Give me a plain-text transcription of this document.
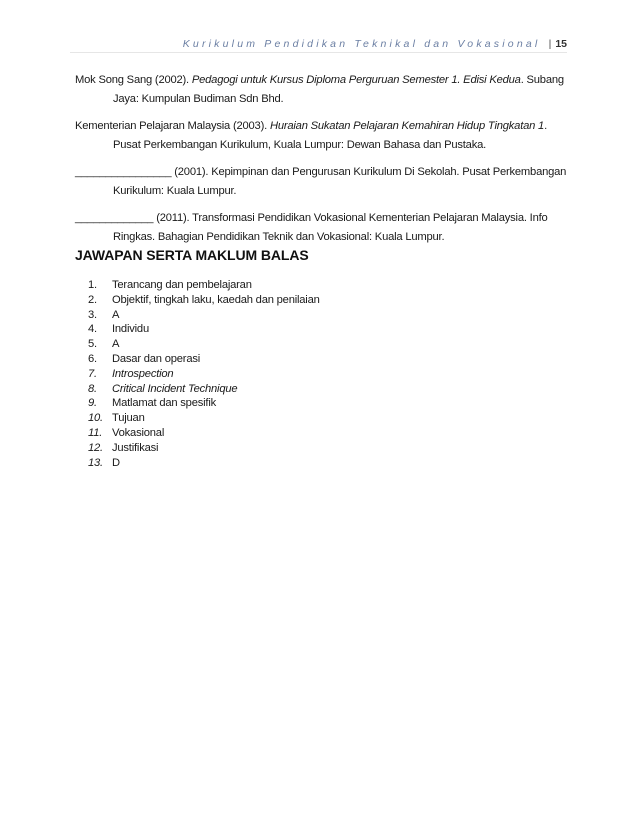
Kurikulum Pendidikan Teknikal dan Vokasional | 15

Mok Song Sang (2002). Pedagogi untuk Kursus Diploma Perguruan Semester 1. Edisi Kedua. Subang Jaya: Kumpulan Budiman Sdn Bhd.

Kementerian Pelajaran Malaysia (2003). Huraian Sukatan Pelajaran Kemahiran Hidup Tingkatan 1. Pusat Perkembangan Kurikulum, Kuala Lumpur: Dewan Bahasa dan Pustaka.

________________ (2001). Kepimpinan dan Pengurusan Kurikulum Di Sekolah. Pusat Perkembangan Kurikulum: Kuala Lumpur.

_____________ (2011). Transformasi Pendidikan Vokasional Kementerian Pelajaran Malaysia. Info Ringkas. Bahagian Pendidikan Teknik dan Vokasional: Kuala Lumpur.

JAWAPAN SERTA MAKLUM BALAS
1.	Terancang dan pembelajaran
2.	Objektif, tingkah laku, kaedah dan penilaian
3.	A
4.	Individu
5.	A
6.	Dasar dan operasi
7.	Introspection
8.	Critical Incident Technique
9.	Matlamat dan spesifik
10. Tujuan
11. Vokasional
12. Justifikasi
13. D
